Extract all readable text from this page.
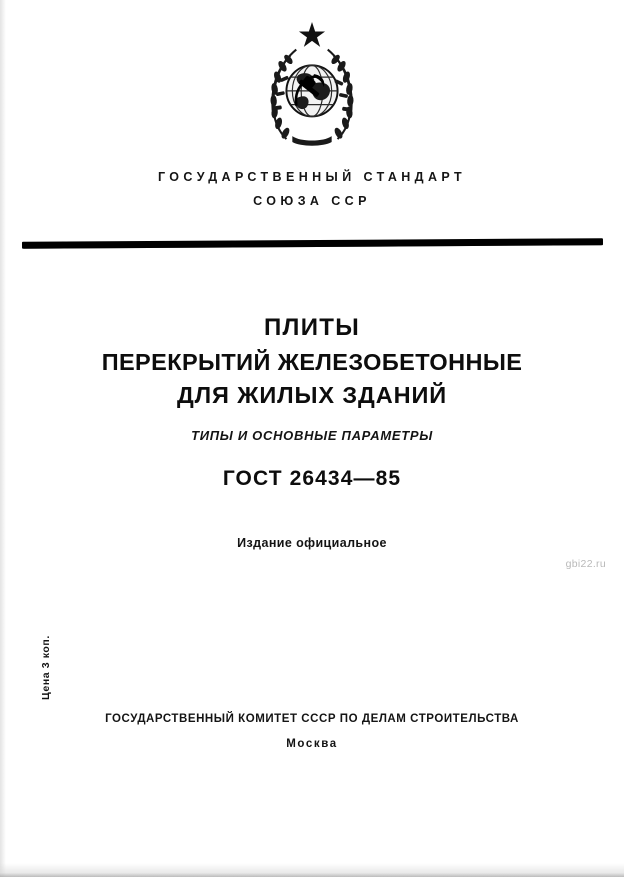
ГОСУДАРСТВЕННЫЙ СТАНДАРТ
СОЮЗА ССР
ПЛИТЫ
ПЕРЕКРЫТИЙ ЖЕЛЕЗОБЕТОННЫЕ
ДЛЯ ЖИЛЫХ ЗДАНИЙ
ТИПЫ И ОСНОВНЫЕ ПАРАМЕТРЫ
ГОСТ 26434—85
Издание официальное
gbi22.ru
Цена 3 коп.
ГОСУДАРСТВЕННЫЙ КОМИТЕТ СССР ПО ДЕЛАМ СТРОИТЕЛЬСТВА
Москва
